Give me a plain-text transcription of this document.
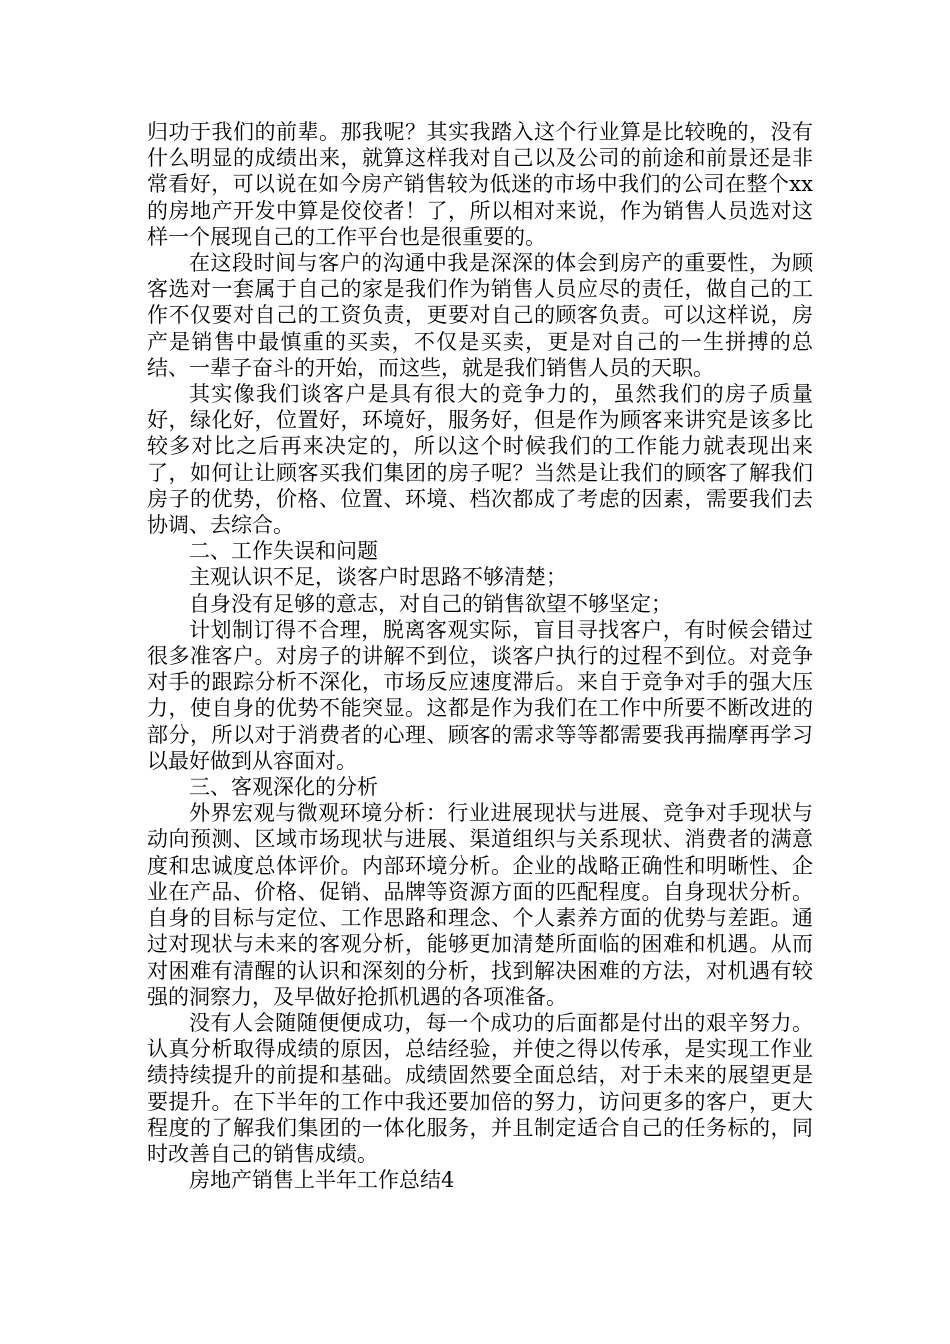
归功于我们的前辈。那我呢？其实我踏入这个行业算是比较晚的，没有什么明显的成绩出来，就算这样我对自己以及公司的前途和前景还是非常看好，可以说在如今房产销售较为低迷的市场中我们的公司在整个xx的房地产开发中算是佼佼者！了，所以相对来说，作为销售人员选对这样一个展现自己的工作平台也是很重要的。

在这段时间与客户的沟通中我是深深的体会到房产的重要性，为顾客选对一套属于自己的家是我们作为销售人员应尽的责任，做自己的工作不仅要对自己的工资负责，更要对自己的顾客负责。可以这样说，房产是销售中最慎重的买卖，不仅是买卖，更是对自己的一生拼搏的总结、一辈子奋斗的开始，而这些，就是我们销售人员的天职。

其实像我们谈客户是具有很大的竞争力的，虽然我们的房子质量好，绿化好，位置好，环境好，服务好，但是作为顾客来讲究是该多比较多对比之后再来决定的，所以这个时候我们的工作能力就表现出来了，如何让让顾客买我们集团的房子呢？当然是让我们的顾客了解我们房子的优势，价格、位置、环境、档次都成了考虑的因素，需要我们去协调、去综合。

二、工作失误和问题

主观认识不足，谈客户时思路不够清楚；

自身没有足够的意志，对自己的销售欲望不够坚定；

计划制订得不合理，脱离客观实际，盲目寻找客户，有时候会错过很多准客户。对房子的讲解不到位，谈客户执行的过程不到位。对竞争对手的跟踪分析不深化，市场反应速度滞后。来自于竞争对手的强大压力，使自身的优势不能突显。这都是作为我们在工作中所要不断改进的部分，所以对于消费者的心理、顾客的需求等等都需要我再揣摩再学习以最好做到从容面对。

三、客观深化的分析

外界宏观与微观环境分析：行业进展现状与进展、竞争对手现状与动向预测、区域市场现状与进展、渠道组织与关系现状、消费者的满意度和忠诚度总体评价。内部环境分析。企业的战略正确性和明晰性、企业在产品、价格、促销、品牌等资源方面的匹配程度。自身现状分析。自身的目标与定位、工作思路和理念、个人素养方面的优势与差距。通过对现状与未来的客观分析，能够更加清楚所面临的困难和机遇。从而对困难有清醒的认识和深刻的分析，找到解决困难的方法，对机遇有较强的洞察力，及早做好抢抓机遇的各项准备。

没有人会随随便便成功，每一个成功的后面都是付出的艰辛努力。认真分析取得成绩的原因，总结经验，并使之得以传承，是实现工作业绩持续提升的前提和基础。成绩固然要全面总结，对于未来的展望更是要提升。在下半年的工作中我还要加倍的努力，访问更多的客户，更大程度的了解我们集团的一体化服务，并且制定适合自己的任务标的，同时改善自己的销售成绩。

房地产销售上半年工作总结4
